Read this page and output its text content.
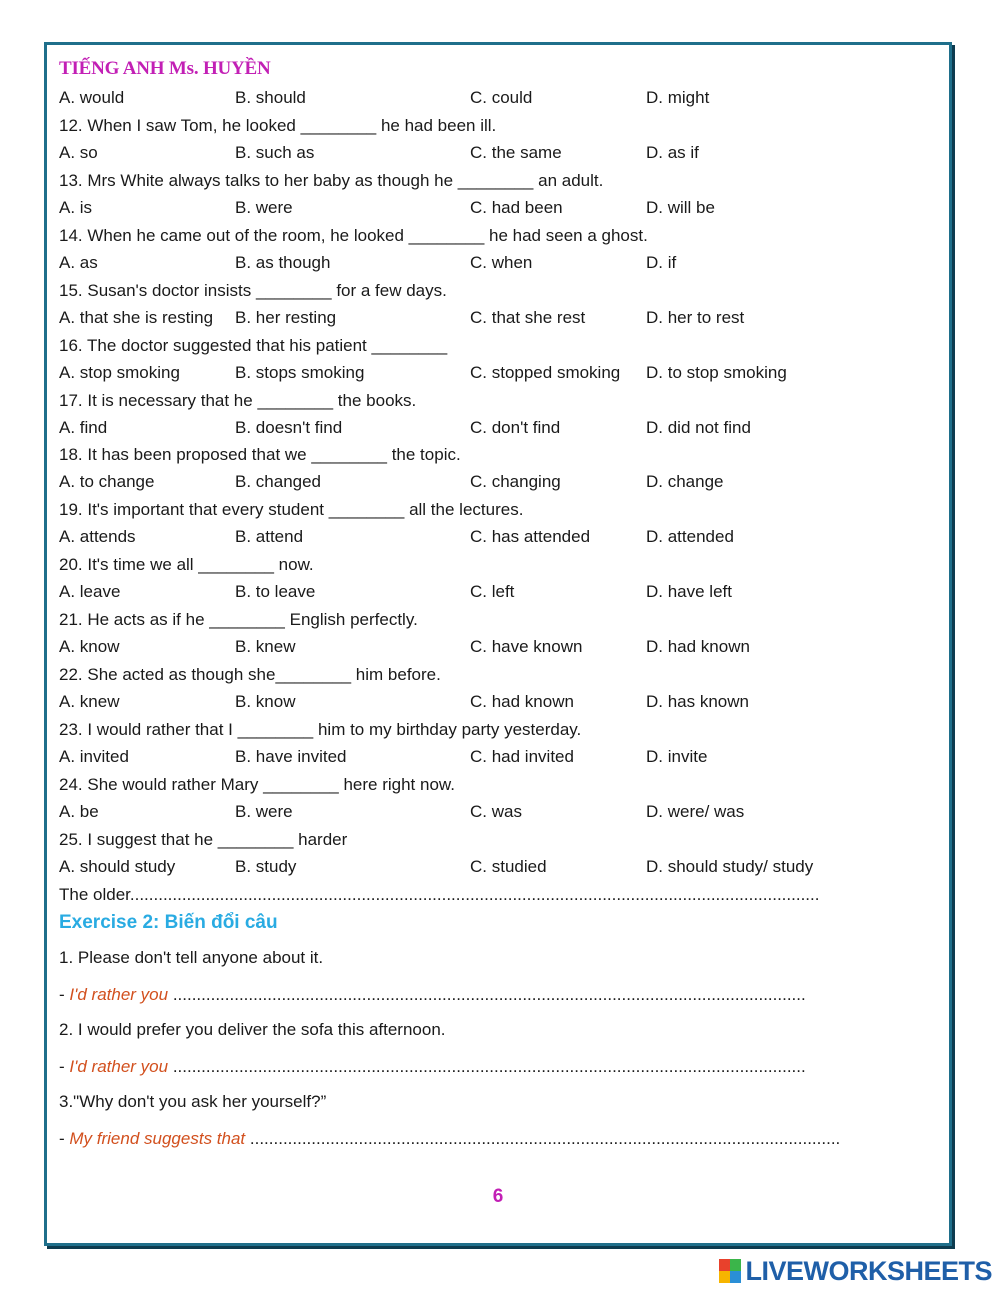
TIẾNG ANH Ms. HUYỀN
A. would	B. should	C. could	D. might
12. When I saw Tom, he looked ________ he had been ill.
A. so	B. such as	C. the same	D. as if
13. Mrs White always talks to her baby as though he ________ an adult.
A. is	B. were	C. had been	D. will be
14. When he came out of the room, he looked ________ he had seen a ghost.
A. as	B. as though	C. when	D. if
15. Susan's doctor insists ________ for a few days.
A. that she is resting B. her resting	C. that she rest	D. her to rest
16. The doctor suggested that his patient ________
A. stop smoking	B. stops smoking	C. stopped smoking D. to stop smoking
17. It is necessary that he ________ the books.
A. find	B. doesn't find	C. don't find	D. did not find
18. It has been proposed that we ________ the topic.
A. to change	B. changed	C. changing	D. change
19. It's important that every student ________ all the lectures.
A. attends	B. attend	C. has attended	D. attended
20. It's time we all ________ now.
A. leave	B. to leave	C. left	D. have left
21. He acts as if he ________ English perfectly.
A. know	B. knew	C. have known	D. had known
22. She acted as though she________ him before.
A. knew	B. know	C. had known	D. has known
23. I would rather that I ________ him to my birthday party yesterday.
A. invited	B. have invited	C. had invited	D. invite
24. She would rather Mary ________ here right now.
A. be	B. were	C. was	D. were/ was
25. I suggest that he ________ harder
A. should study	B. study	C. studied	D. should study/ study
The older..................................................................................................................................................
Exercise 2: Biến đổi câu
1. Please don't tell anyone about it.
- I'd rather you ......................................................................................................................................
2. I would prefer you deliver the sofa this afternoon.
- I'd rather you ......................................................................................................................................
3."Why don't you ask her yourself?”
- My friend suggests that .............................................................................................................................
6
LIVEWORKSHEETS
